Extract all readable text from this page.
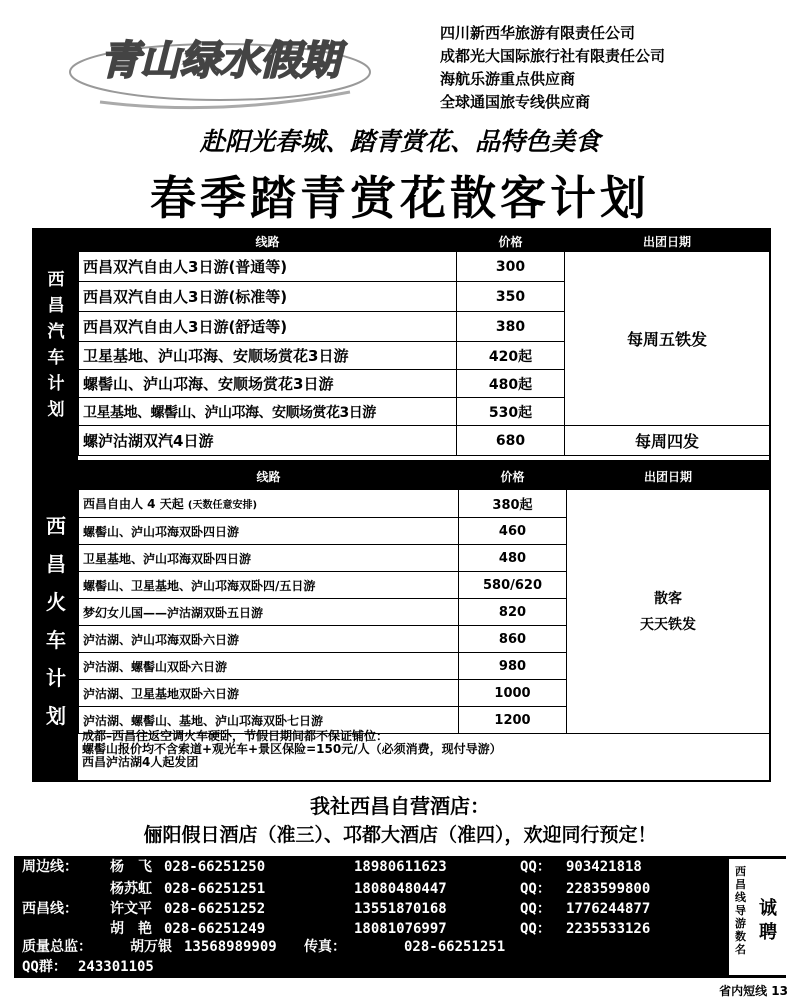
青山绿水假期
四川新西华旅游有限责任公司
成都光大国际旅行社有限责任公司
海航乐游重点供应商
全球通国旅专线供应商
赴阳光春城、踏青赏花、品特色美食
春季踏青赏花散客计划
西
昌
汽
车
计
划
线路	价格	出团日期
西昌双汽自由人3日游(普通等)	300	每周五铁发
西昌双汽自由人3日游(标准等)	350	
西昌双汽自由人3日游(舒适等)	380	
卫星基地、泸山邛海、安顺场赏花3日游	420起	
螺髻山、泸山邛海、安顺场赏花3日游	480起	
卫星基地、螺髻山、泸山邛海、安顺场赏花3日游	530起	
螺泸沽湖双汽4日游	680	每周四发
西
昌
火
车
计
划
线路	价格	出团日期
西昌自由人 4 天起 (天数任意安排)	380起	散客
天天铁发

螺髻山、泸山邛海双卧四日游	460	
卫星基地、泸山邛海双卧四日游	480	
螺髻山、卫星基地、泸山邛海双卧四/五日游	580/620	
梦幻女儿国——泸沽湖双卧五日游	820	
泸沽湖、泸山邛海双卧六日游	860	
泸沽湖、螺髻山双卧六日游	980	
泸沽湖、卫星基地双卧六日游	1000	
泸沽湖、螺髻山、基地、泸山邛海双卧七日游	1200	
成都–西昌往返空调火车硬卧，节假日期间都不保证铺位：
螺髻山报价均不含索道+观光车+景区保险=150元/人（必须消费，现付导游）
西昌泸沽湖4人起发团
我社西昌自营酒店：
俪阳假日酒店（准三）、邛都大酒店（准四），欢迎同行预定！
周边线： 杨　飞 028-66251250	18980611623	QQ： 903421818
杨苏虹 028-66251251	18080480447	QQ： 2283599800
西昌线： 许文平 028-66251252	13551870168	QQ： 1776244877
胡　艳 028-66251249	18081076997	QQ： 2235533126
质量总监：	胡万银 13568989909 传真：	028-66251251
QQ群： 243301105
西昌线导游数名
诚聘
省内短线 13
